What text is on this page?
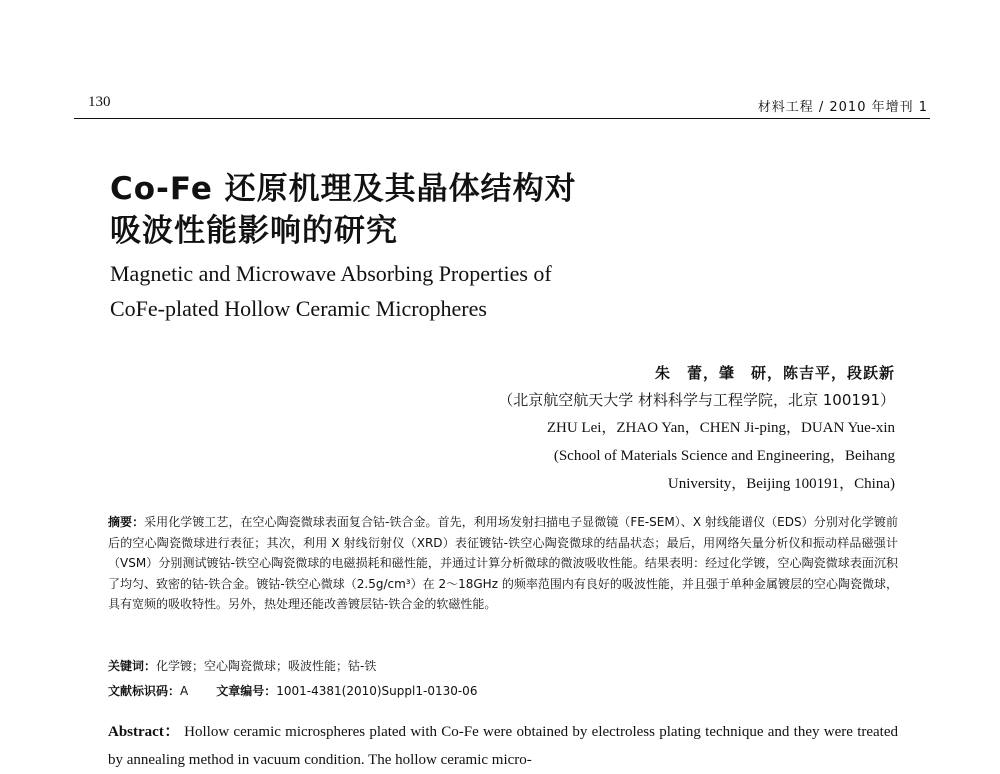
130	材料工程 / 2010 年增刊 1
Co-Fe 还原机理及其晶体结构对
吸波性能影响的研究
Magnetic and Microwave Absorbing Properties of
CoFe-plated Hollow Ceramic Micropheres
朱　蕾，肇　研，陈吉平，段跃新
（北京航空航天大学 材料科学与工程学院，北京 100191）
ZHU Lei，ZHAO Yan，CHEN Ji-ping，DUAN Yue-xin
(School of Materials Science and Engineering，Beihang
University，Beijing 100191，China)
摘要：采用化学镀工艺，在空心陶瓷微球表面复合钴-铁合金。首先，利用场发射扫描电子显微镜（FE-SEM）、X 射线能谱仪（EDS）分别对化学镀前后的空心陶瓷微球进行表征；其次，利用 X 射线衍射仪（XRD）表征镀钴-铁空心陶瓷微球的结晶状态；最后，用网络矢量分析仪和振动样品磁强计（VSM）分别测试镀钴-铁空心陶瓷微球的电磁损耗和磁性能，并通过计算分析微球的微波吸收性能。结果表明：经过化学镀，空心陶瓷微球表面沉积了均匀、致密的钴-铁合金。镀钴-铁空心微球（2.5g/cm³）在 2～18GHz 的频率范围内有良好的吸波性能，并且强于单种金属镀层的空心陶瓷微球，具有宽频的吸收特性。另外，热处理还能改善镀层钴-铁合金的软磁性能。
关键词：化学镀；空心陶瓷微球；吸波性能；钴-铁
文献标识码：A 文章编号：1001-4381(2010)Suppl1-0130-06
Abstract： Hollow ceramic microspheres plated with Co-Fe were obtained by electroless plating technique and they were treated by annealing method in vacuum condition. The hollow ceramic micro-
